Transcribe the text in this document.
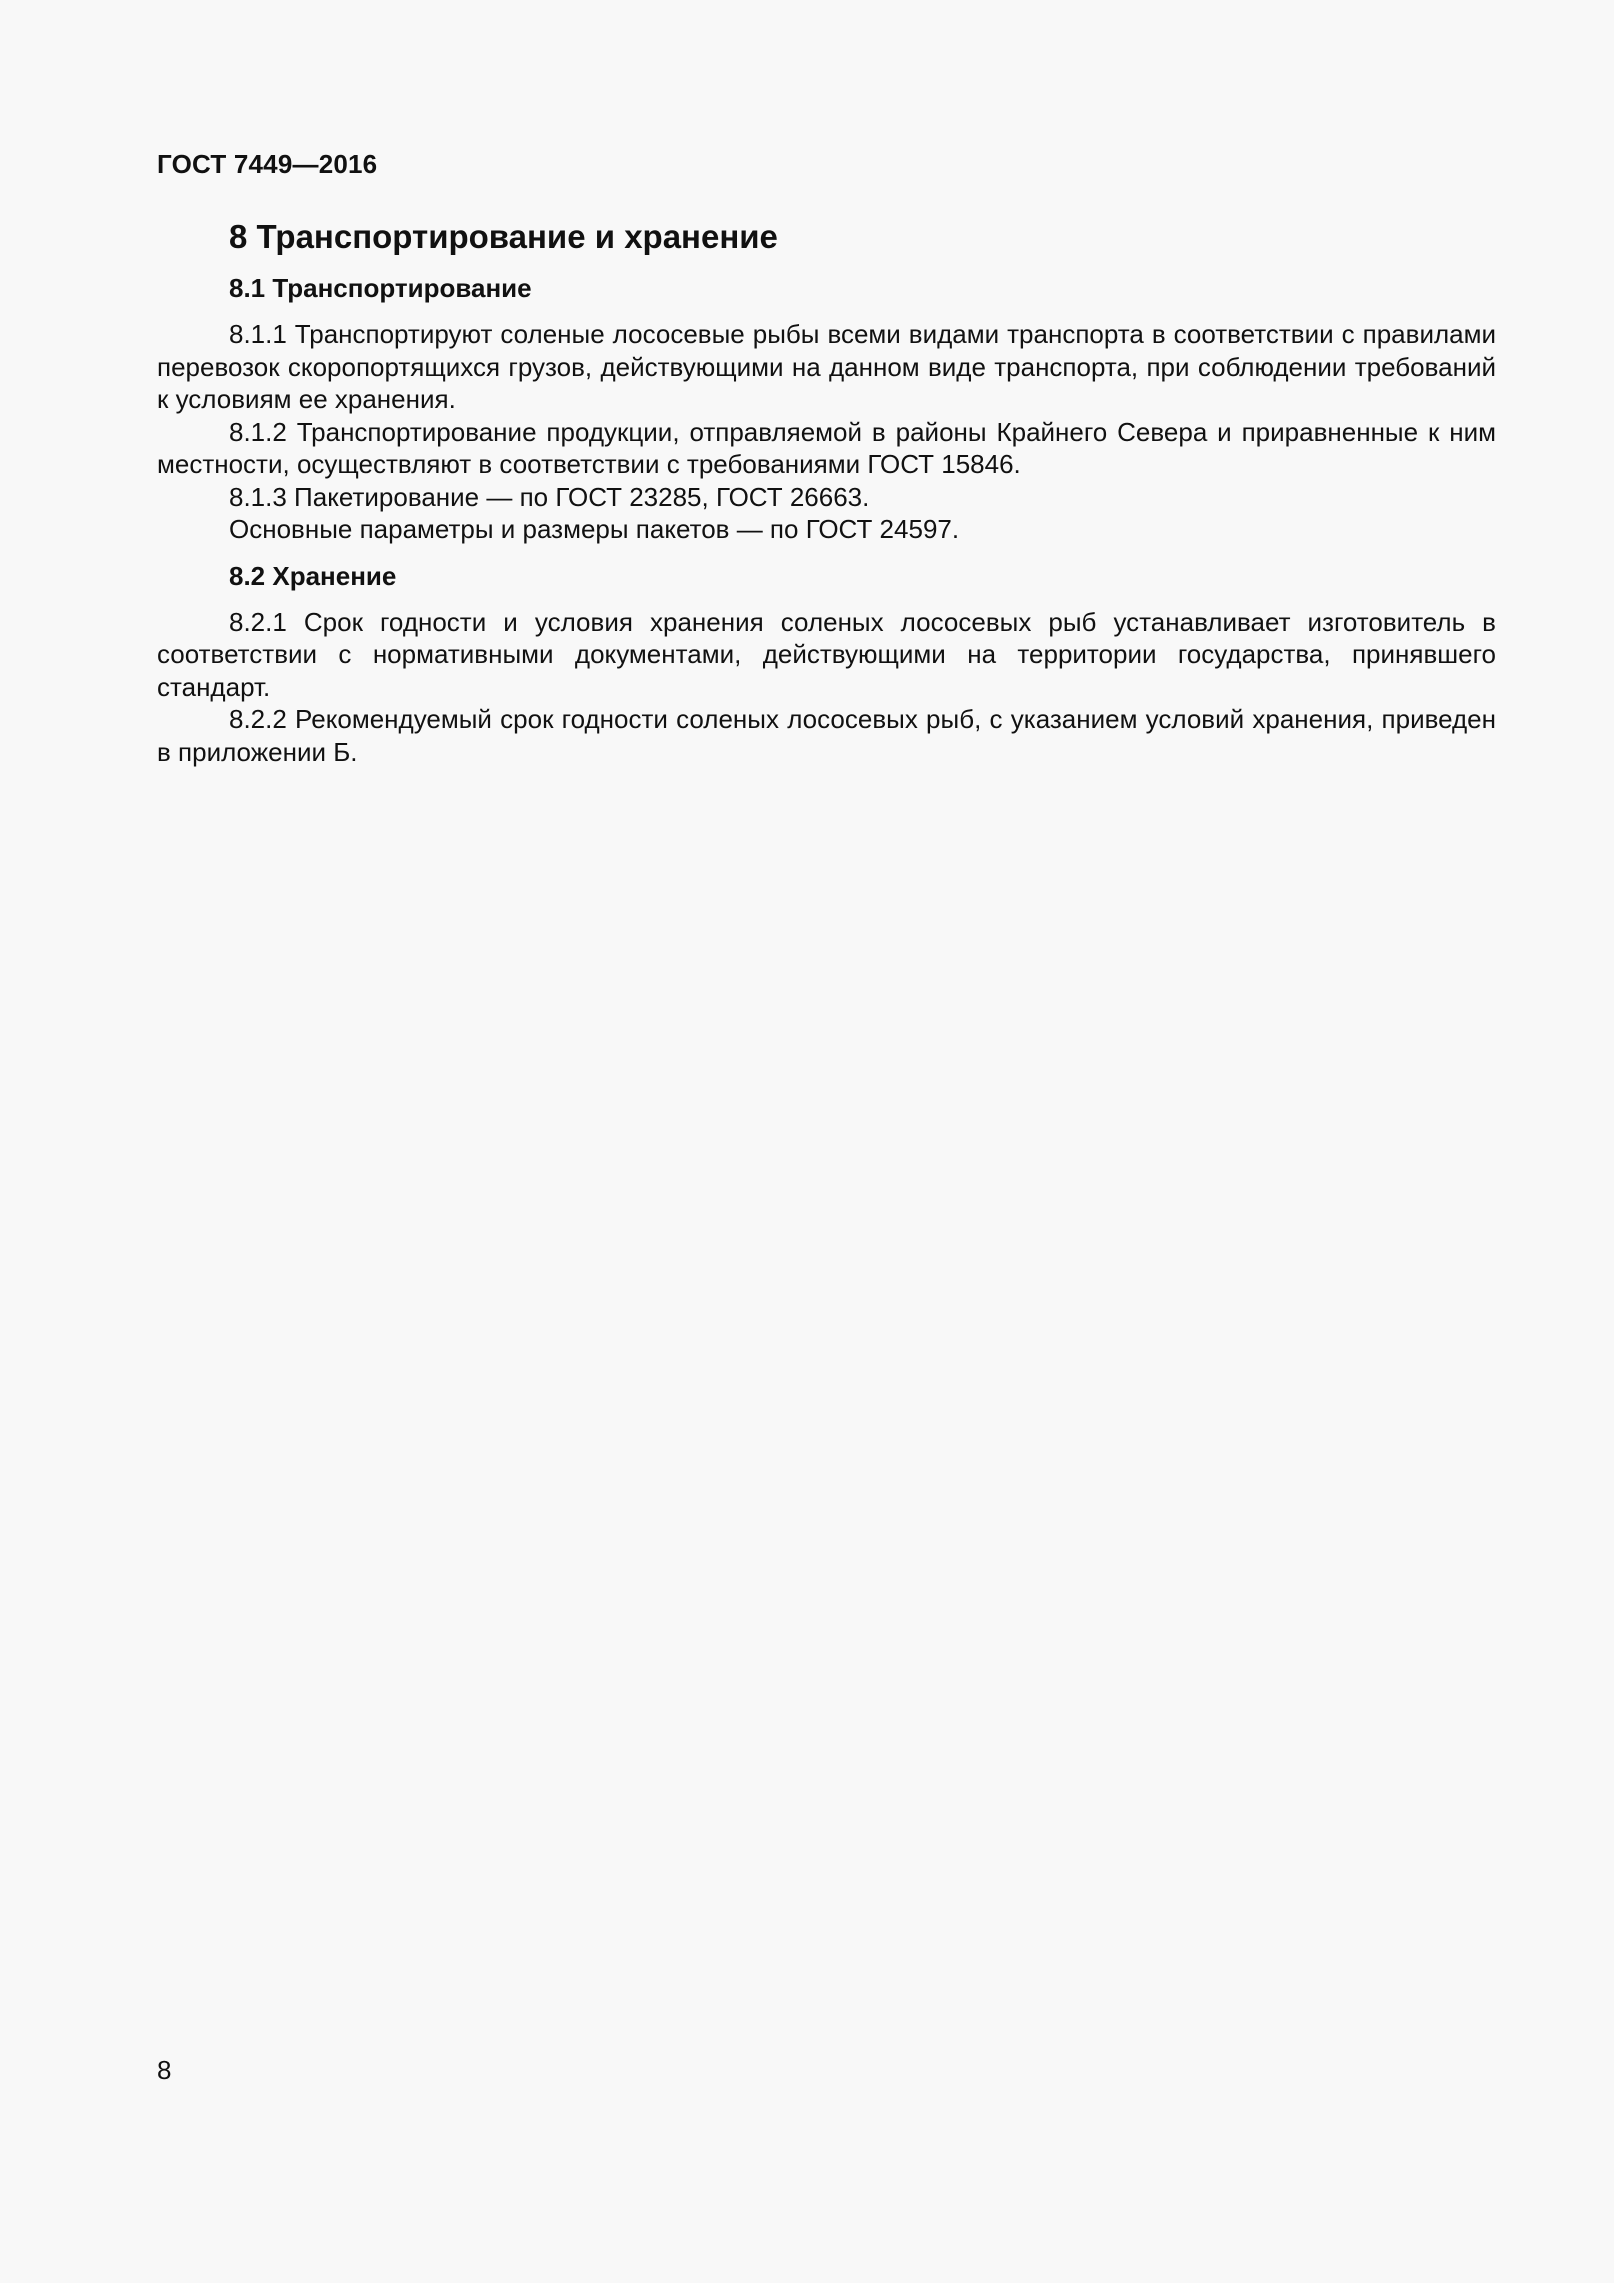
ГОСТ 7449—2016
8 Транспортирование и хранение
8.1 Транспортирование

8.1.1 Транспортируют соленые лососевые рыбы всеми видами транспорта в соответствии с правилами перевозок скоропортящихся грузов, действующими на данном виде транспорта, при соблюдении требований к условиям ее хранения.

8.1.2 Транспортирование продукции, отправляемой в районы Крайнего Севера и приравненные к ним местности, осуществляют в соответствии с требованиями ГОСТ 15846.

8.1.3 Пакетирование — по ГОСТ 23285, ГОСТ 26663.

Основные параметры и размеры пакетов — по ГОСТ 24597.

8.2 Хранение

8.2.1 Срок годности и условия хранения соленых лососевых рыб устанавливает изготовитель в соответствии с нормативными документами, действующими на территории государства, принявшего стандарт.

8.2.2 Рекомендуемый срок годности соленых лососевых рыб, с указанием условий хранения, приведен в приложении Б.

8
